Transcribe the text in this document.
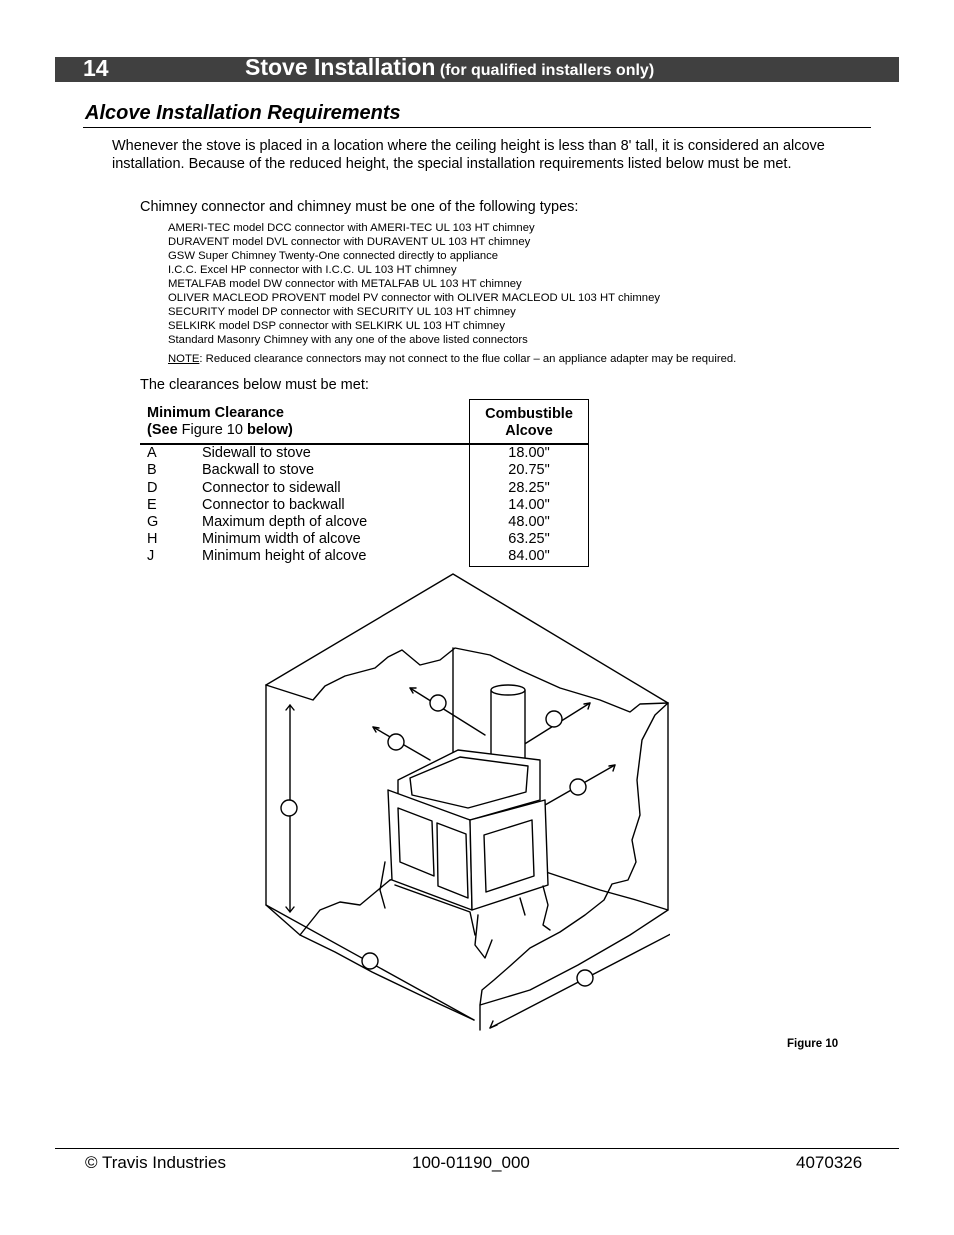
14	Stove Installation (for qualified installers only)
Alcove Installation Requirements
Whenever the stove is placed in a location where the ceiling height is less than 8' tall, it is considered an alcove installation. Because of the reduced height, the special installation requirements listed below must be met.
Chimney connector and chimney must be one of the following types:
AMERI-TEC model DCC connector with AMERI-TEC UL 103 HT chimney
DURAVENT model DVL connector with DURAVENT UL 103 HT chimney
GSW Super Chimney Twenty-One connected directly to appliance
I.C.C. Excel HP connector with I.C.C. UL 103 HT chimney
METALFAB model DW connector with METALFAB UL 103 HT chimney
OLIVER MACLEOD PROVENT model PV connector with OLIVER MACLEOD UL 103 HT chimney
SECURITY model DP connector with SECURITY UL 103 HT chimney
SELKIRK model DSP connector with SELKIRK UL 103 HT chimney
Standard Masonry Chimney with any one of the above listed connectors
NOTE: Reduced clearance connectors may not connect to the flue collar – an appliance adapter may be required.
The clearances below must be met:
Minimum Clearance
(See Figure 10 below)
Combustible
Alcove
A	Sidewall to stove	18.00"
B	Backwall to stove	20.75"
D	Connector to sidewall	28.25"
E	Connector to backwall	14.00"
G	Maximum depth of alcove	48.00"
H	Minimum width of alcove	63.25"
J	Minimum height of alcove	84.00"
Figure 10
© Travis Industries	100-01190_000	4070326
